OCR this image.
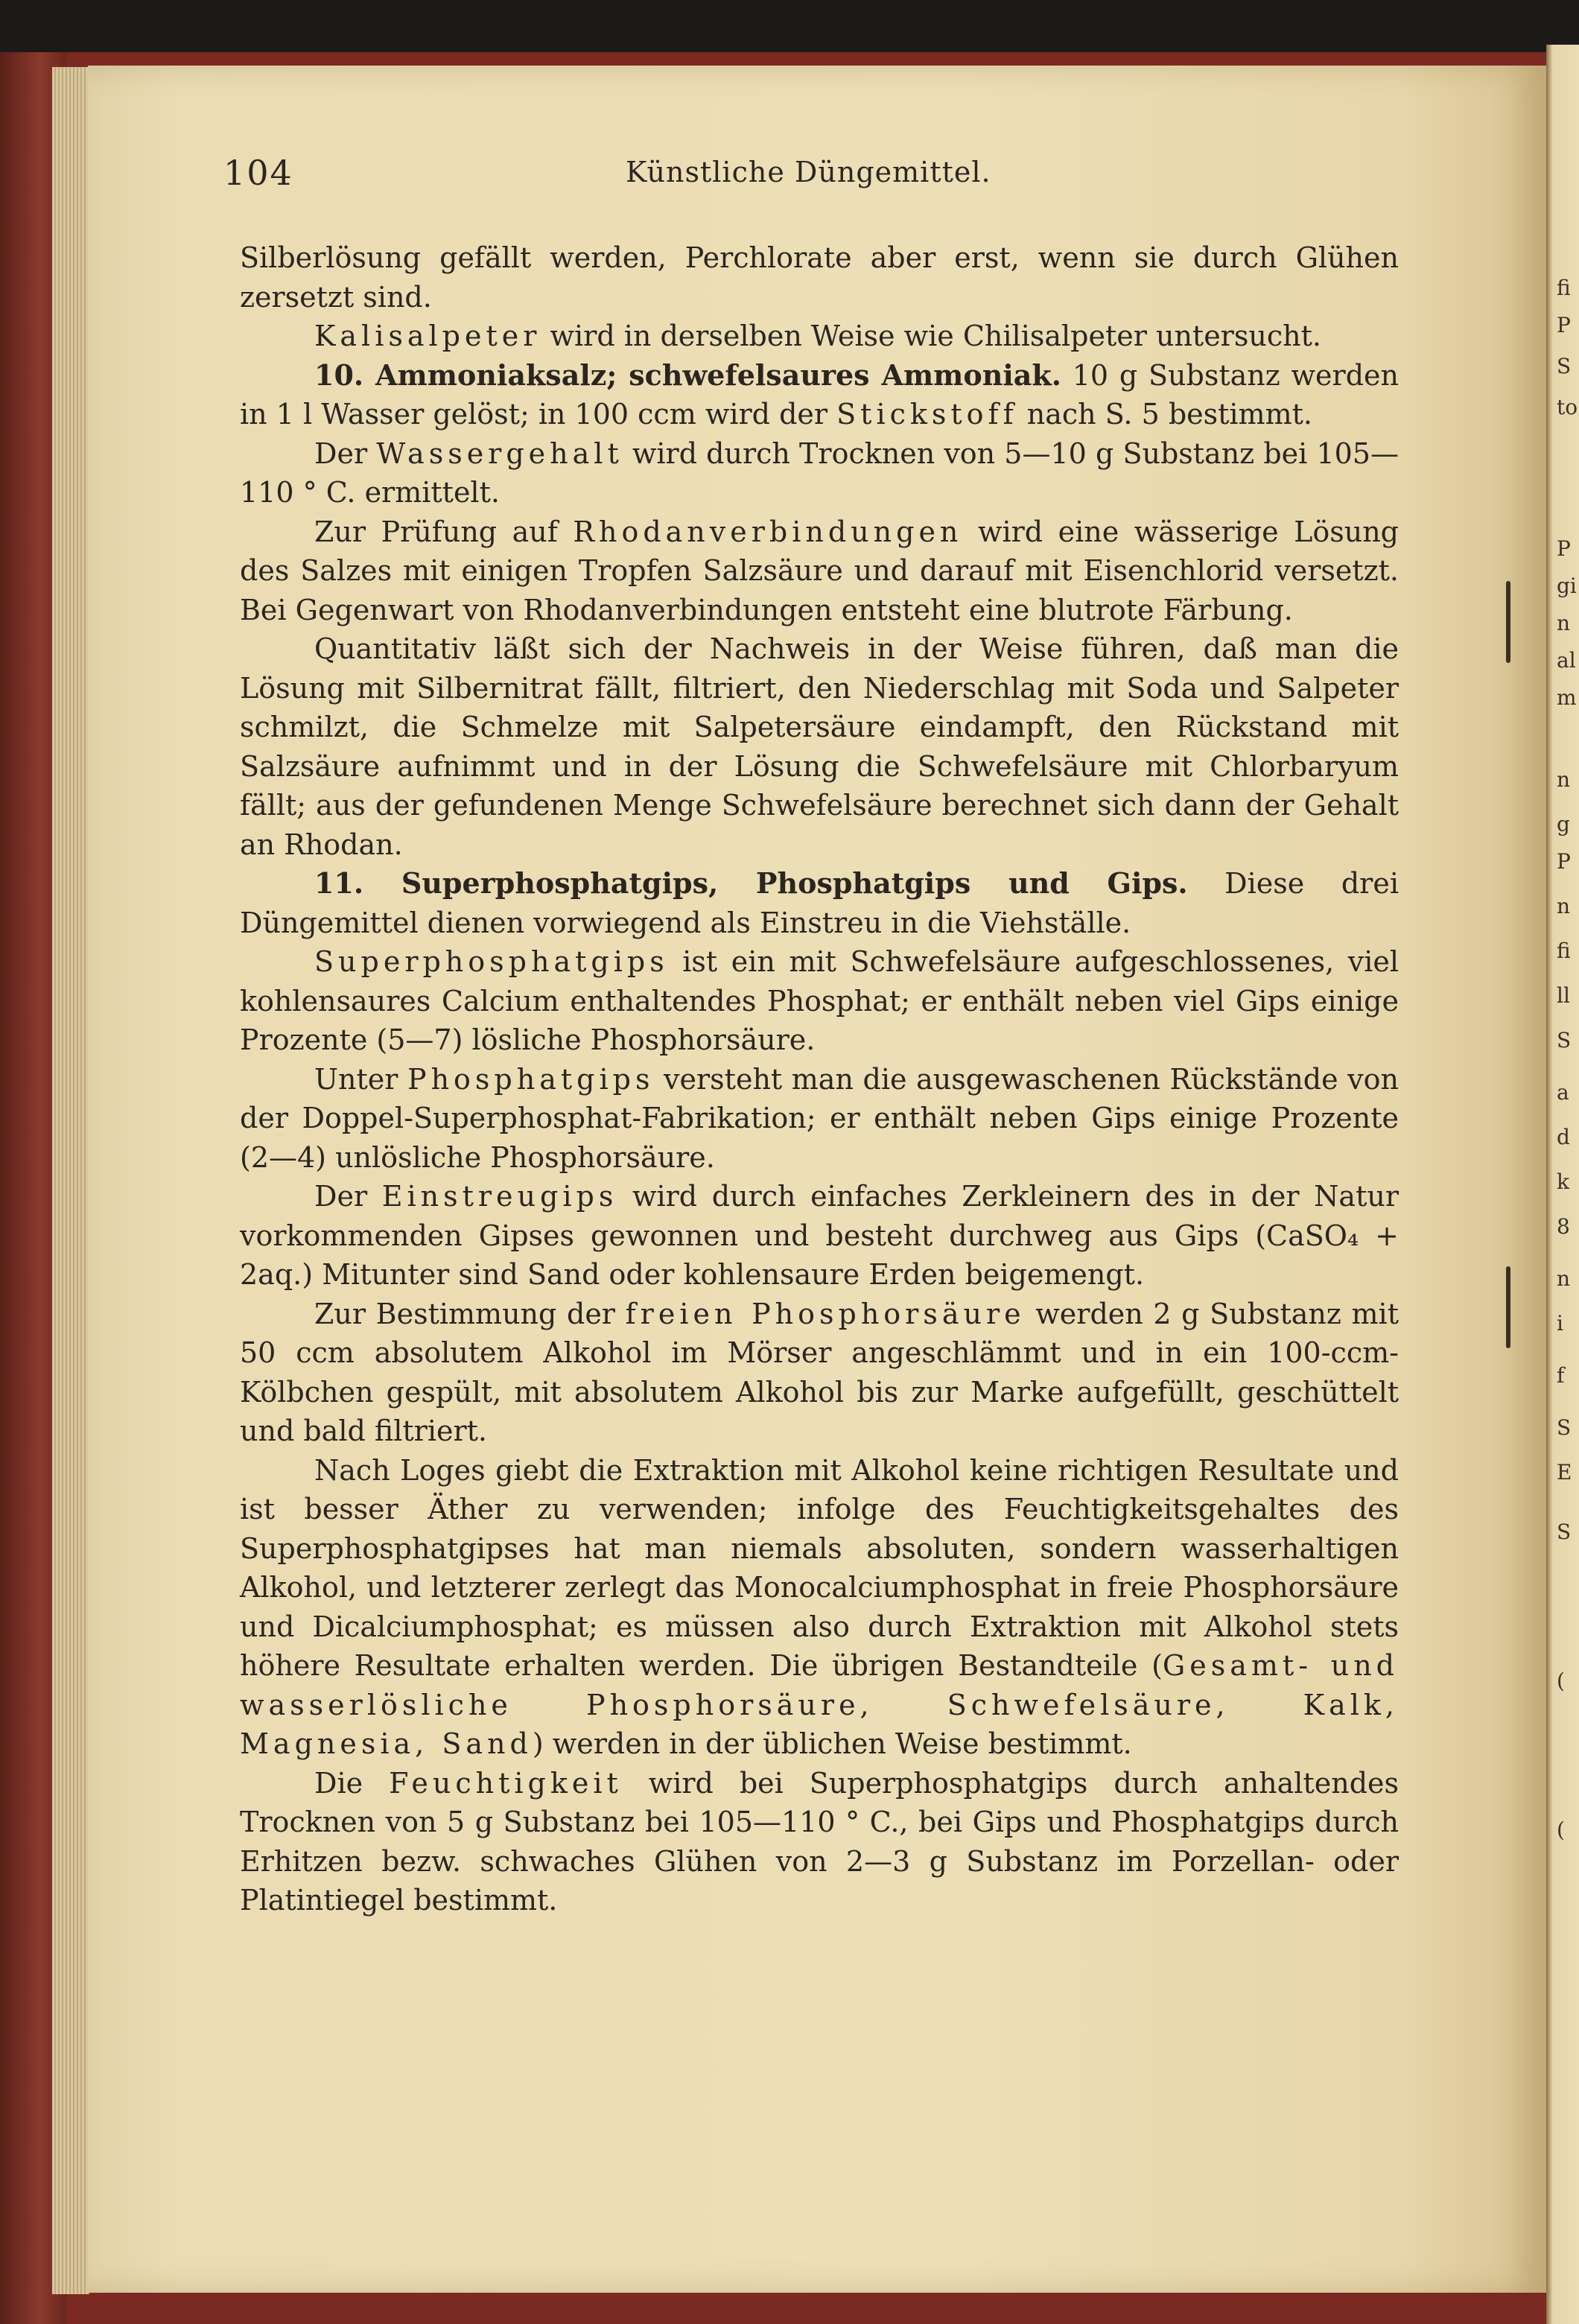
fi
P
S
to
P
gi
n
al
m
n
g
P
n
fi
ll
S
a
d
k
8
n
i
f
S
E
S
(
(
104	Künstliche Düngemittel.

Silberlösung gefällt werden, Perchlorate aber erst, wenn sie durch Glühen zersetzt sind.

Kalisalpeter wird in derselben Weise wie Chilisalpeter untersucht.

10. Ammoniaksalz; schwefelsaures Ammoniak. 10 g Substanz werden in 1 l Wasser gelöst; in 100 ccm wird der Stickstoff nach S. 5 bestimmt.

Der Wassergehalt wird durch Trocknen von 5—10 g Substanz bei 105—110 ° C. ermittelt.

Zur Prüfung auf Rhodanverbindungen wird eine wässerige Lösung des Salzes mit einigen Tropfen Salzsäure und darauf mit Eisenchlorid versetzt. Bei Gegenwart von Rhodanverbindungen entsteht eine blutrote Färbung.

Quantitativ läßt sich der Nachweis in der Weise führen, daß man die Lösung mit Silbernitrat fällt, filtriert, den Niederschlag mit Soda und Salpeter schmilzt, die Schmelze mit Salpetersäure eindampft, den Rückstand mit Salzsäure aufnimmt und in der Lösung die Schwefelsäure mit Chlorbaryum fällt; aus der gefundenen Menge Schwefelsäure berechnet sich dann der Gehalt an Rhodan.

11. Superphosphatgips, Phosphatgips und Gips. Diese drei Düngemittel dienen vorwiegend als Einstreu in die Viehställe.

Superphosphatgips ist ein mit Schwefelsäure aufgeschlossenes, viel kohlensaures Calcium enthaltendes Phosphat; er enthält neben viel Gips einige Prozente (5—7) lösliche Phosphorsäure.

Unter Phosphatgips versteht man die ausgewaschenen Rückstände von der Doppel-Superphosphat-Fabrikation; er enthält neben Gips einige Prozente (2—4) unlösliche Phosphorsäure.

Der Einstreugips wird durch einfaches Zerkleinern des in der Natur vorkommenden Gipses gewonnen und besteht durchweg aus Gips (CaSO₄ + 2aq.) Mitunter sind Sand oder kohlensaure Erden beigemengt.

Zur Bestimmung der freien Phosphorsäure werden 2 g Substanz mit 50 ccm absolutem Alkohol im Mörser angeschlämmt und in ein 100-ccm-Kölbchen gespült, mit absolutem Alkohol bis zur Marke aufgefüllt, geschüttelt und bald filtriert.

Nach Loges giebt die Extraktion mit Alkohol keine richtigen Resultate und ist besser Äther zu verwenden; infolge des Feuchtigkeitsgehaltes des Superphosphatgipses hat man niemals absoluten, sondern wasserhaltigen Alkohol, und letzterer zerlegt das Monocalciumphosphat in freie Phosphorsäure und Dicalciumphosphat; es müssen also durch Extraktion mit Alkohol stets höhere Resultate erhalten werden. Die übrigen Bestandteile (Gesamt- und wasserlösliche Phosphorsäure, Schwefelsäure, Kalk, Magnesia, Sand) werden in der üblichen Weise bestimmt.

Die Feuchtigkeit wird bei Superphosphatgips durch anhaltendes Trocknen von 5 g Substanz bei 105—110 ° C., bei Gips und Phosphatgips durch Erhitzen bezw. schwaches Glühen von 2—3 g Substanz im Porzellan- oder Platintiegel bestimmt.
